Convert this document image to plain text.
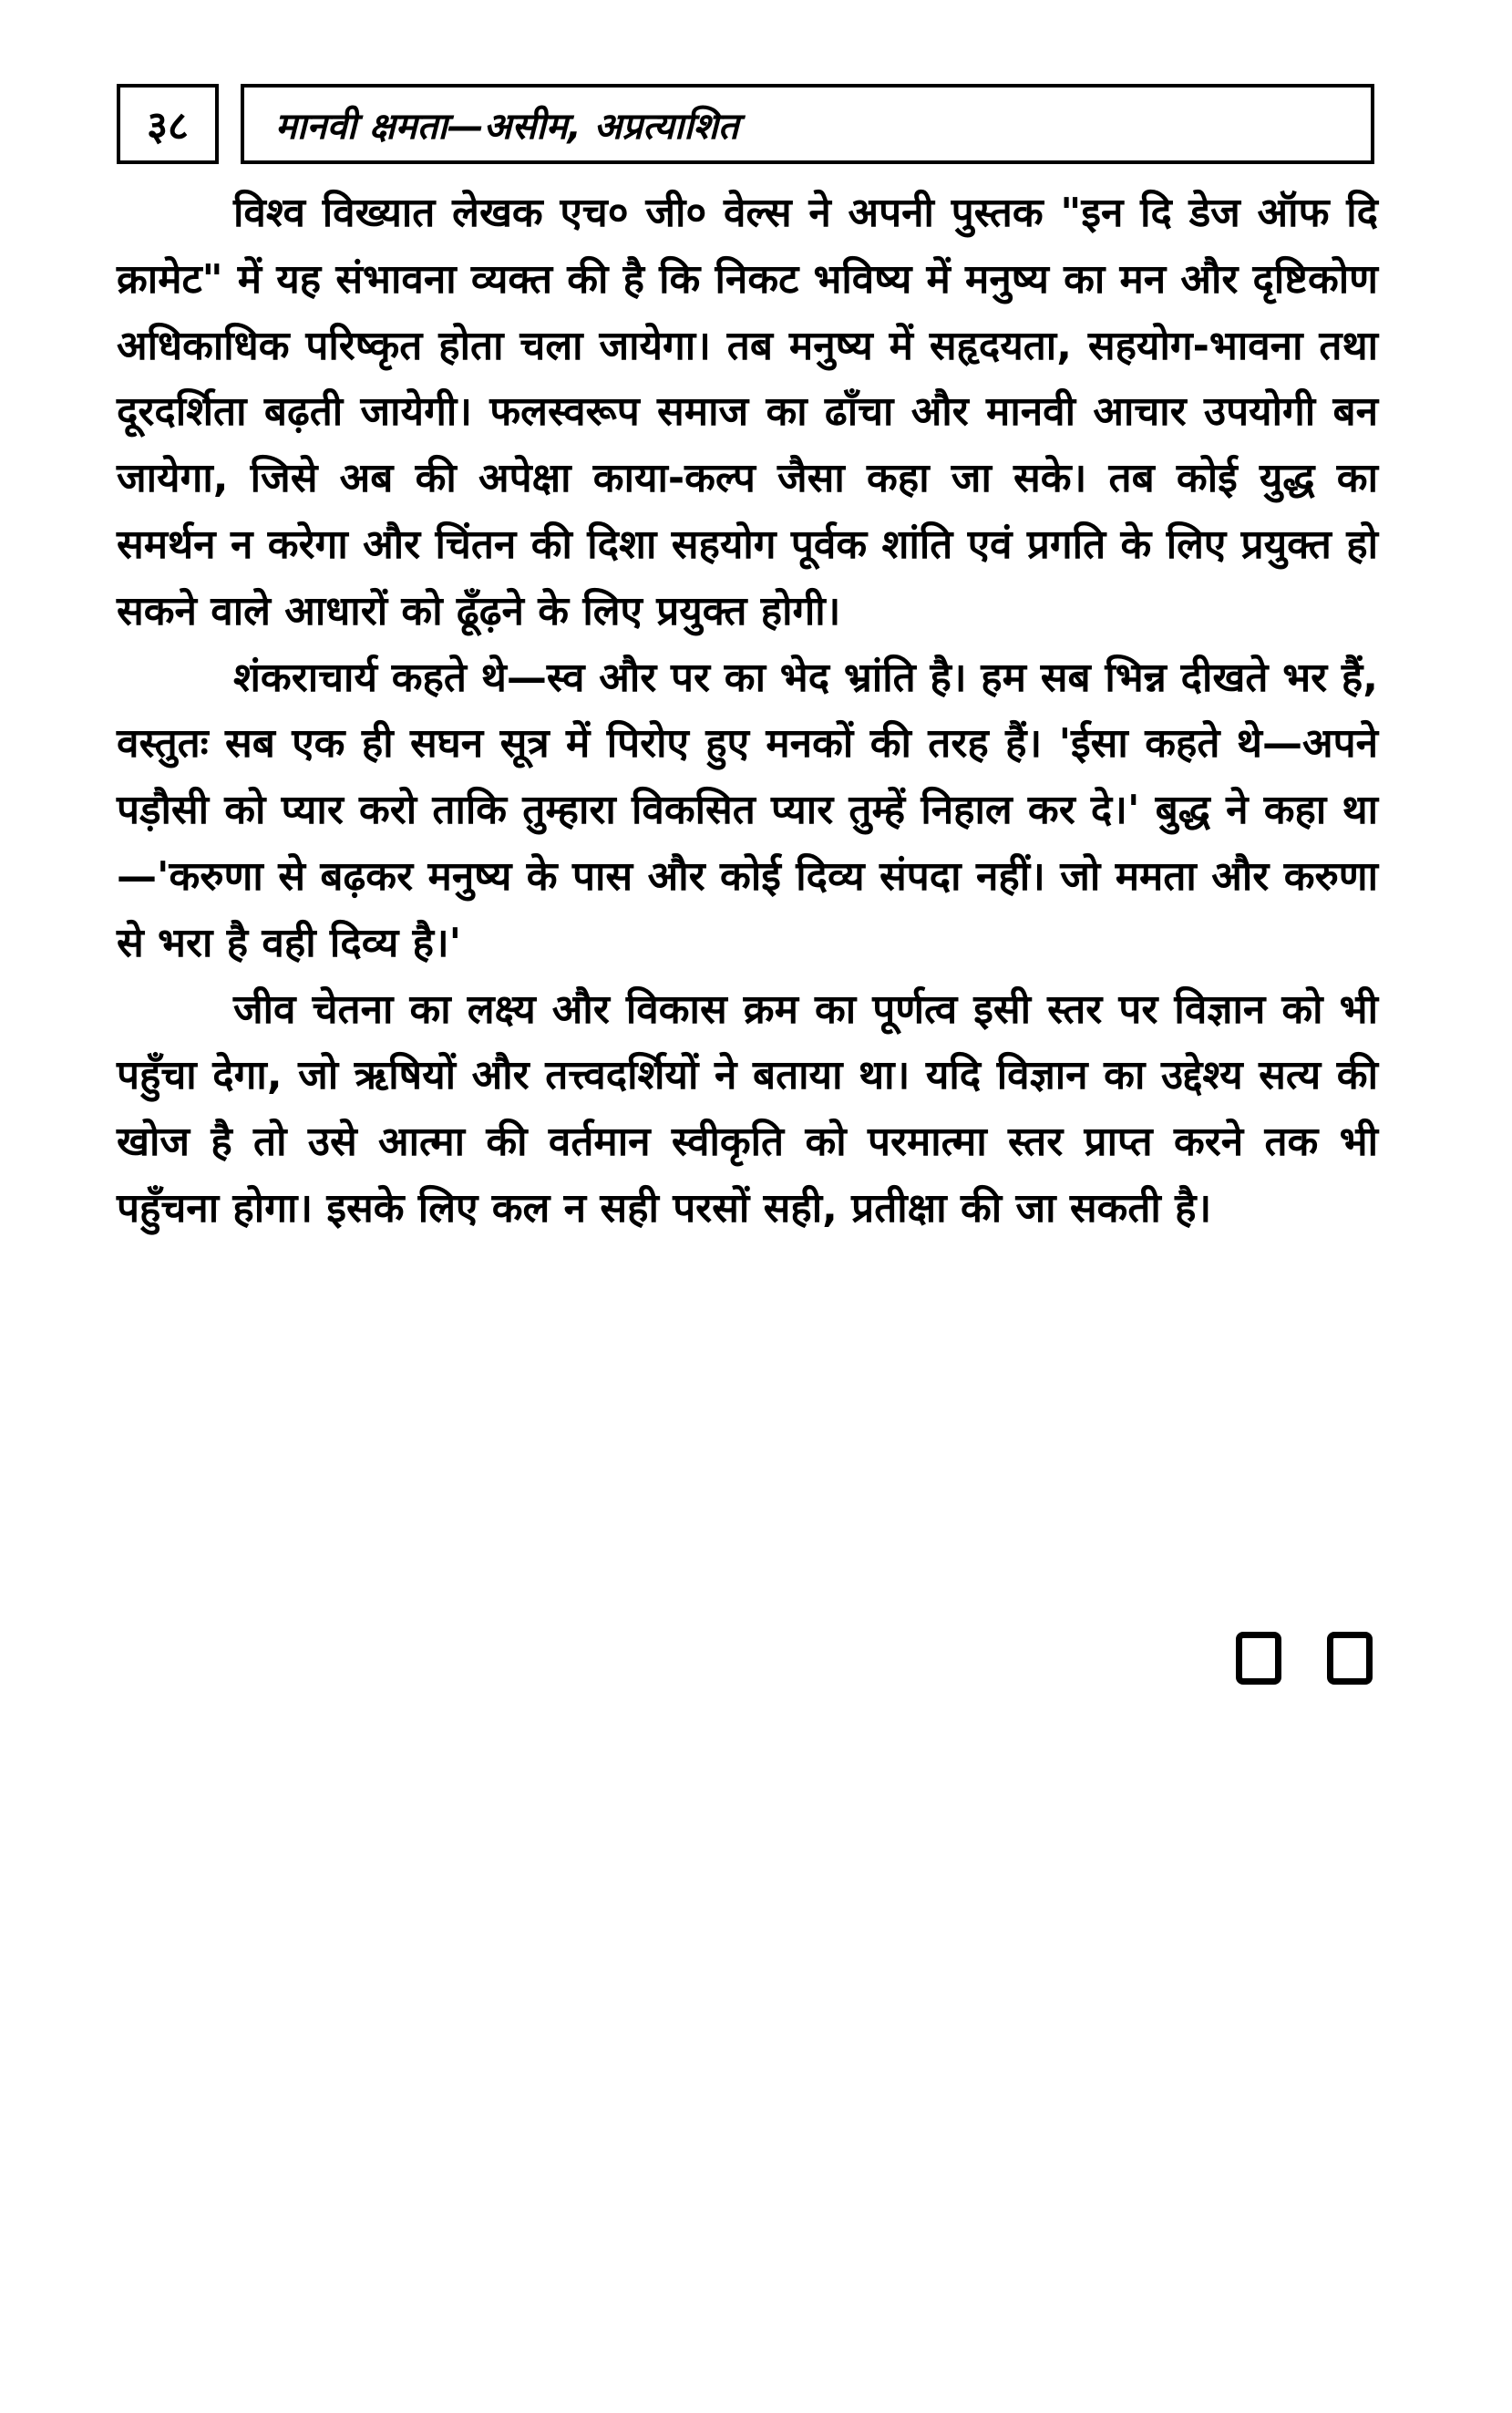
३८	मानवी क्षमता—असीम, अप्रत्याशित

विश्व विख्यात लेखक एच० जी० वेल्स ने अपनी पुस्तक "इन दि डेज ऑफ दि क्रामेट" में यह संभावना व्यक्त की है कि निकट भविष्य में मनुष्य का मन और दृष्टिकोण अधिकाधिक परिष्कृत होता चला जायेगा। तब मनुष्य में सहृदयता, सहयोग-भावना तथा दूरदर्शिता बढ़ती जायेगी। फलस्वरूप समाज का ढाँचा और मानवी आचार उपयोगी बन जायेगा, जिसे अब की अपेक्षा काया-कल्प जैसा कहा जा सके। तब कोई युद्ध का समर्थन न करेगा और चिंतन की दिशा सहयोग पूर्वक शांति एवं प्रगति के लिए प्रयुक्त हो सकने वाले आधारों को ढूँढ़ने के लिए प्रयुक्त होगी।

शंकराचार्य कहते थे—स्व और पर का भेद भ्रांति है। हम सब भिन्न दीखते भर हैं, वस्तुतः सब एक ही सघन सूत्र में पिरोए हुए मनकों की तरह हैं। 'ईसा कहते थे—अपने पड़ौसी को प्यार करो ताकि तुम्हारा विकसित प्यार तुम्हें निहाल कर दे।' बुद्ध ने कहा था—'करुणा से बढ़कर मनुष्य के पास और कोई दिव्य संपदा नहीं। जो ममता और करुणा से भरा है वही दिव्य है।'

जीव चेतना का लक्ष्य और विकास क्रम का पूर्णत्व इसी स्तर पर विज्ञान को भी पहुँचा देगा, जो ऋषियों और तत्त्वदर्शियों ने बताया था। यदि विज्ञान का उद्देश्य सत्य की खोज है तो उसे आत्मा की वर्तमान स्वीकृति को परमात्मा स्तर प्राप्त करने तक भी पहुँचना होगा। इसके लिए कल न सही परसों सही, प्रतीक्षा की जा सकती है।
